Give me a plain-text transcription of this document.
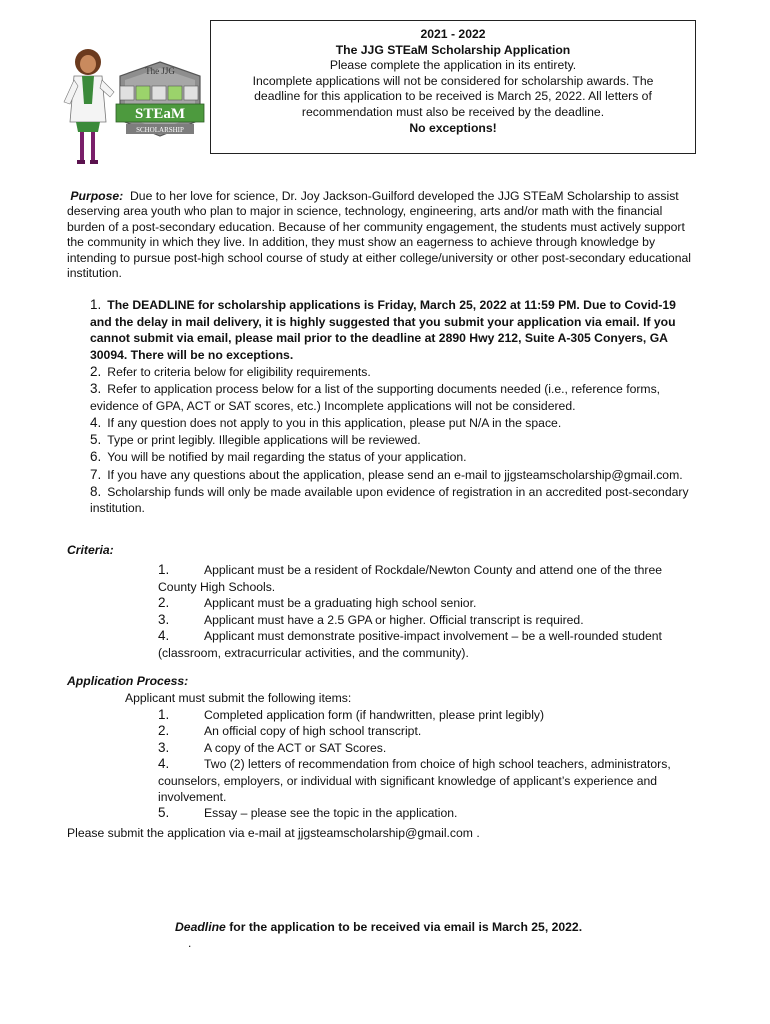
The JJG
STEaM
SCHOLARSHIP
2021 - 2022
The JJG STEaM Scholarship Application
Please complete the application in its entirety.
Incomplete applications will not be considered for scholarship awards. The
deadline for this application to be received is March 25, 2022. All letters of
recommendation must also be received by the deadline.
No exceptions!
Purpose: Due to her love for science, Dr. Joy Jackson-Guilford developed the JJG STEaM Scholarship to assist deserving area youth who plan to major in science, technology, engineering, arts and/or math with the financial burden of a post-secondary education. Because of her community engagement, the students must actively support the community in which they live. In addition, they must show an eagerness to achieve through knowledge by intending to pursue post-high school course of study at either college/university or other post-secondary educational institution.
1. The DEADLINE for scholarship applications is Friday, March 25, 2022 at 11:59 PM. Due to Covid-19 and the delay in mail delivery, it is highly suggested that you submit your application via email. If you cannot submit via email, please mail prior to the deadline at 2890 Hwy 212, Suite A-305 Conyers, GA 30094. There will be no exceptions.
2. Refer to criteria below for eligibility requirements.
3. Refer to application process below for a list of the supporting documents needed (i.e., reference forms, evidence of GPA, ACT or SAT scores, etc.) Incomplete applications will not be considered.
4. If any question does not apply to you in this application, please put N/A in the space.
5. Type or print legibly. Illegible applications will be reviewed.
6. You will be notified by mail regarding the status of your application.
7. If you have any questions about the application, please send an e-mail to jjgsteamscholarship@gmail.com.
8. Scholarship funds will only be made available upon evidence of registration in an accredited post-secondary institution.
Criteria:
1.	Applicant must be a resident of Rockdale/Newton County and attend one of the three County High Schools.
2.	Applicant must be a graduating high school senior.
3.	Applicant must have a 2.5 GPA or higher. Official transcript is required.
4.	Applicant must demonstrate positive-impact involvement – be a well-rounded student (classroom, extracurricular activities, and the community).
Application Process:
Applicant must submit the following items:
1.	Completed application form (if handwritten, please print legibly)
2.	An official copy of high school transcript.
3.	A copy of the ACT or SAT Scores.
4.	Two (2) letters of recommendation from choice of high school teachers, administrators, counselors, employers, or individual with significant knowledge of applicant’s experience and involvement.
5.	Essay – please see the topic in the application.
Please submit the application via e-mail at jjgsteamscholarship@gmail.com .
Deadline for the application to be received via email is March 25, 2022.
.
